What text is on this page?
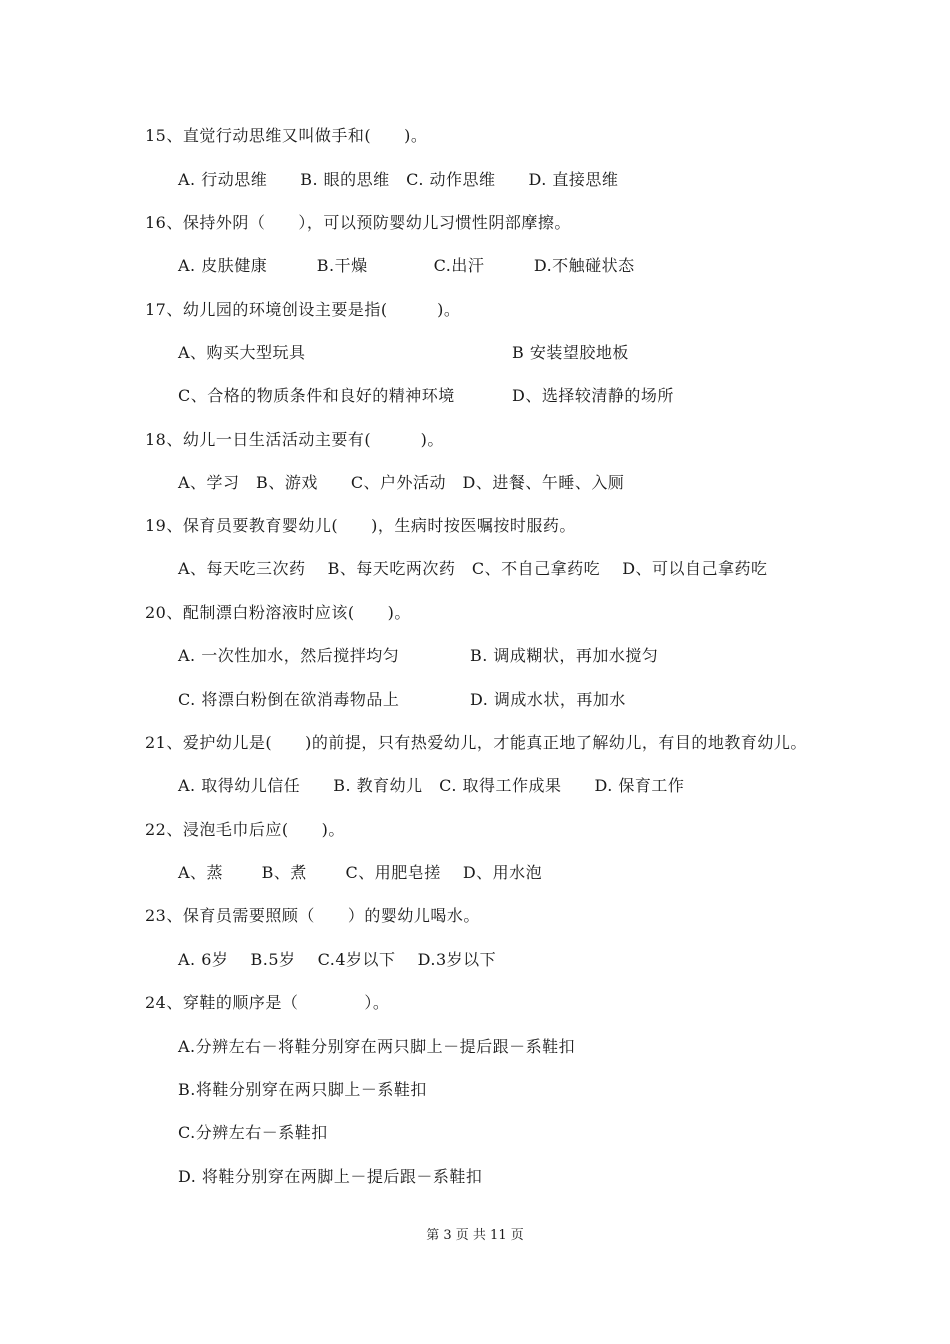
15、直觉行动思维又叫做手和(　　)。
A. 行动思维　　B. 眼的思维　C. 动作思维　　D. 直接思维
16、保持外阴（　　），可以预防婴幼儿习惯性阴部摩擦。
A. 皮肤健康　　　B.干燥　　　　C.出汗　　　D.不触碰状态
17、幼儿园的环境创设主要是指(　　　)。
A、购买大型玩具	B 安装望胶地板
C、合格的物质条件和良好的精神环境	D、选择较清静的场所
18、幼儿一日生活活动主要有(　　　)。
A、学习　B、游戏　　C、户外活动　D、进餐、午睡、入厕
19、保育员要教育婴幼儿(　　)，生病时按医嘱按时服药。
A、每天吃三次药　 B、每天吃两次药　C、不自己拿药吃　 D、可以自己拿药吃
20、配制漂白粉溶液时应该(　　)。
A. 一次性加水，然后搅拌均匀	B. 调成糊状，再加水搅匀
C. 将漂白粉倒在欲消毒物品上	D. 调成水状，再加水
21、爱护幼儿是(　　)的前提，只有热爱幼儿，才能真正地了解幼儿，有目的地教育幼儿。
A. 取得幼儿信任　　B. 教育幼儿　C. 取得工作成果　　D. 保育工作
22、浸泡毛巾后应(　　)。
A、蒸　　 B、煮　　 C、用肥皂搓　 D、用水泡
23、保育员需要照顾（　　）的婴幼儿喝水。
A. 6岁　 B.5岁　 C.4岁以下　 D.3岁以下
24、穿鞋的顺序是（　　　　）。
A.分辨左右－将鞋分别穿在两只脚上－提后跟－系鞋扣
B.将鞋分别穿在两只脚上－系鞋扣
C.分辨左右－系鞋扣
D. 将鞋分别穿在两脚上－提后跟－系鞋扣
第 3 页 共 11 页
